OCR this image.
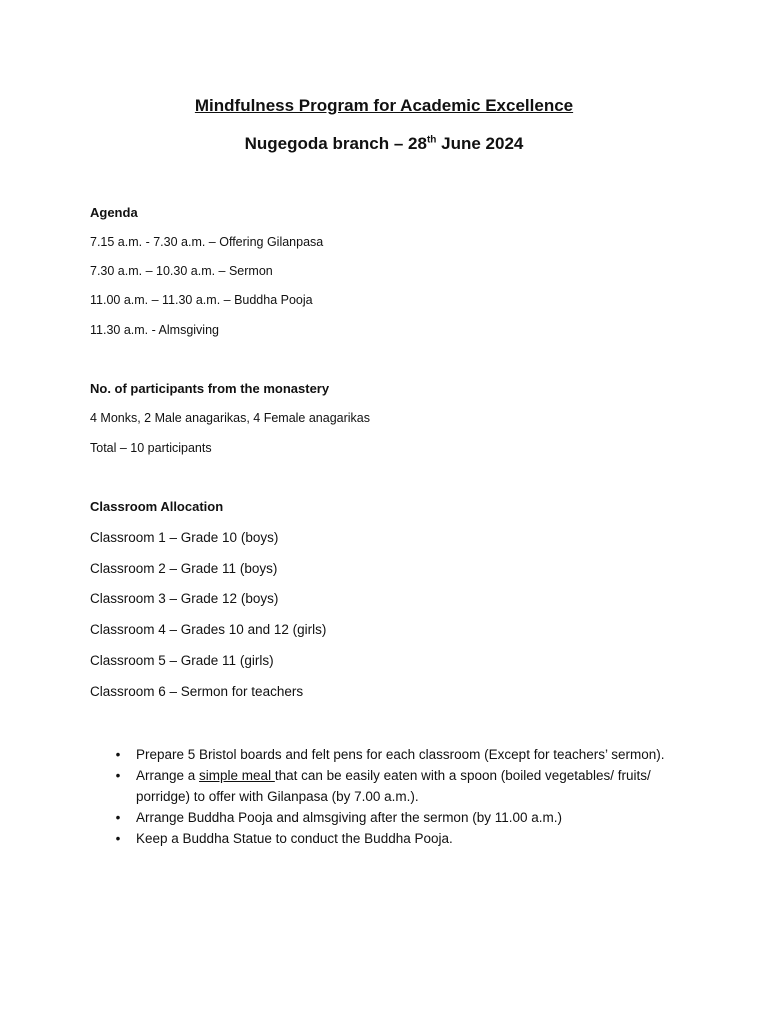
Mindfulness Program for Academic Excellence
Nugegoda branch – 28th June 2024
Agenda
7.15 a.m. - 7.30 a.m. – Offering Gilanpasa
7.30 a.m. – 10.30 a.m. – Sermon
11.00 a.m. – 11.30 a.m. – Buddha Pooja
11.30 a.m. - Almsgiving
No. of participants from the monastery
4 Monks, 2 Male anagarikas, 4 Female anagarikas
Total – 10 participants
Classroom Allocation
Classroom 1 – Grade 10 (boys)
Classroom 2 – Grade 11 (boys)
Classroom 3 – Grade 12 (boys)
Classroom 4 – Grades 10 and 12 (girls)
Classroom 5 – Grade 11 (girls)
Classroom 6 – Sermon for teachers
• Prepare 5 Bristol boards and felt pens for each classroom (Except for teachers’ sermon).
• Arrange a simple meal that can be easily eaten with a spoon (boiled vegetables/ fruits/ porridge) to offer with Gilanpasa (by 7.00 a.m.).
• Arrange Buddha Pooja and almsgiving after the sermon (by 11.00 a.m.)
• Keep a Buddha Statue to conduct the Buddha Pooja.
